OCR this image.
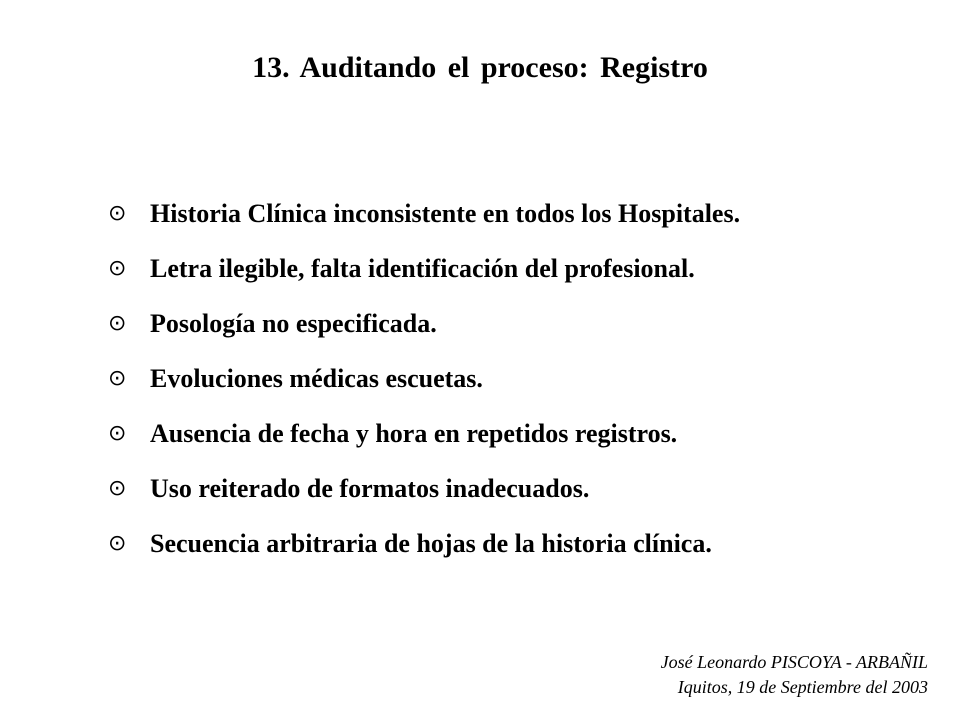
13. Auditando el proceso: Registro
⊙ Historia Clínica inconsistente en todos los Hospitales.
⊙ Letra ilegible, falta identificación del profesional.
⊙ Posología no especificada.
⊙ Evoluciones médicas escuetas.
⊙ Ausencia de fecha y hora en repetidos registros.
⊙ Uso reiterado de formatos inadecuados.
⊙ Secuencia arbitraria de hojas de la historia clínica.
José Leonardo PISCOYA - ARBAÑIL
Iquitos, 19 de Septiembre del 2003
